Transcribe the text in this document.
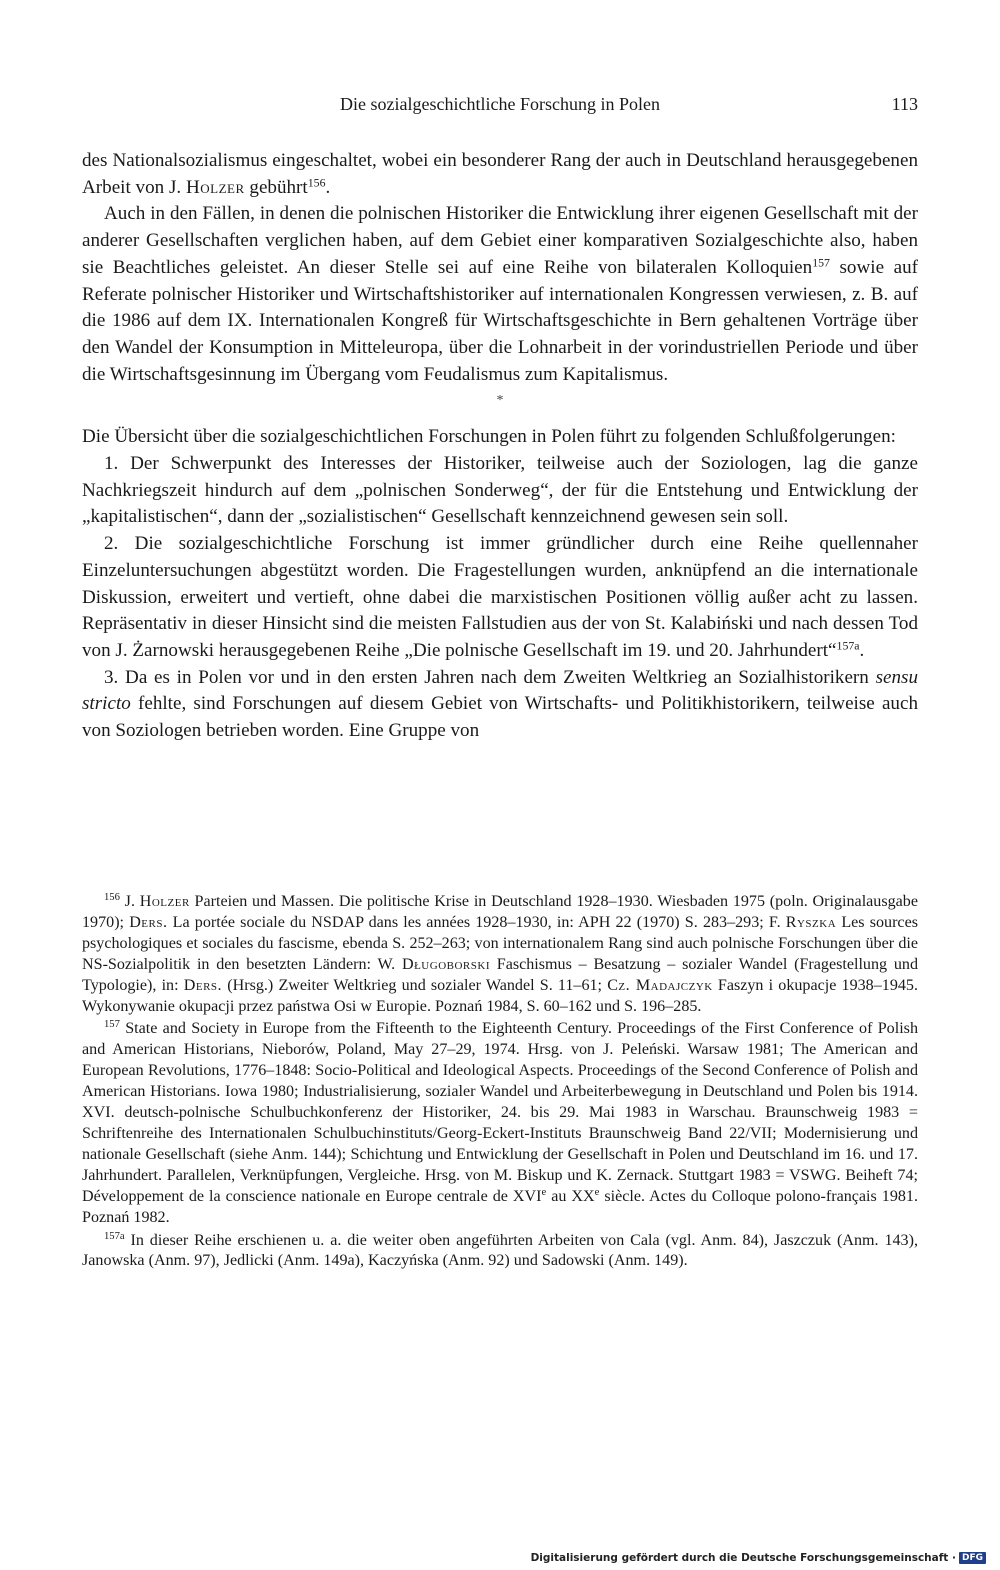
Die sozialgeschichtliche Forschung in Polen	113

des Nationalsozialismus eingeschaltet, wobei ein besonderer Rang der auch in Deutschland herausgegebenen Arbeit von J. Holzer gebührt$^{156}$.

Auch in den Fällen, in denen die polnischen Historiker die Entwicklung ihrer eigenen Gesellschaft mit der anderer Gesellschaften verglichen haben, auf dem Gebiet einer komparativen Sozialgeschichte also, haben sie Beachtliches geleistet. An dieser Stelle sei auf eine Reihe von bilateralen Kolloquien$^{157}$ sowie auf Referate polnischer Historiker und Wirtschaftshistoriker auf internationalen Kongressen verwiesen, z. B. auf die 1986 auf dem IX. Internationalen Kongreß für Wirtschaftsgeschichte in Bern gehaltenen Vorträge über den Wandel der Konsumption in Mitteleuropa, über die Lohnarbeit in der vorindustriellen Periode und über die Wirtschaftsgesinnung im Übergang vom Feudalismus zum Kapitalismus.

*

Die Übersicht über die sozialgeschichtlichen Forschungen in Polen führt zu folgenden Schlußfolgerungen:

1. Der Schwerpunkt des Interesses der Historiker, teilweise auch der Soziologen, lag die ganze Nachkriegszeit hindurch auf dem „polnischen Sonderweg“, der für die Entstehung und Entwicklung der „kapitalistischen“, dann der „sozialistischen“ Gesellschaft kennzeichnend gewesen sein soll.

2. Die sozialgeschichtliche Forschung ist immer gründlicher durch eine Reihe quellennaher Einzeluntersuchungen abgestützt worden. Die Fragestellungen wurden, anknüpfend an die internationale Diskussion, erweitert und vertieft, ohne dabei die marxistischen Positionen völlig außer acht zu lassen. Repräsentativ in dieser Hinsicht sind die meisten Fallstudien aus der von St. Kalabiński und nach dessen Tod von J. Żarnowski herausgegebenen Reihe „Die polnische Gesellschaft im 19. und 20. Jahrhundert“$^{157a}$.

3. Da es in Polen vor und in den ersten Jahren nach dem Zweiten Weltkrieg an Sozialhistorikern sensu stricto fehlte, sind Forschungen auf diesem Gebiet von Wirtschafts- und Politikhistorikern, teilweise auch von Soziologen betrieben worden. Eine Gruppe von

$^{156}$ J. Holzer Parteien und Massen. Die politische Krise in Deutschland 1928–1930. Wiesbaden 1975 (poln. Originalausgabe 1970); Ders. La portée sociale du NSDAP dans les années 1928–1930, in: APH 22 (1970) S. 283–293; F. Ryszka Les sources psychologiques et sociales du fascisme, ebenda S. 252–263; von internationalem Rang sind auch polnische Forschungen über die NS-Sozialpolitik in den besetzten Ländern: W. Długoborski Faschismus – Besatzung – sozialer Wandel (Fragestellung und Typologie), in: Ders. (Hrsg.) Zweiter Weltkrieg und sozialer Wandel S. 11–61; Cz. Madajczyk Faszyn i okupacje 1938–1945. Wykonywanie okupacji przez państwa Osi w Europie. Poznań 1984, S. 60–162 und S. 196–285.

$^{157}$ State and Society in Europe from the Fifteenth to the Eighteenth Century. Proceedings of the First Conference of Polish and American Historians, Nieborów, Poland, May 27–29, 1974. Hrsg. von J. Peleński. Warsaw 1981; The American and European Revolutions, 1776–1848: Socio-Political and Ideological Aspects. Proceedings of the Second Conference of Polish and American Historians. Iowa 1980; Industrialisierung, sozialer Wandel und Arbeiterbewegung in Deutschland und Polen bis 1914. XVI. deutsch-polnische Schulbuchkonferenz der Historiker, 24. bis 29. Mai 1983 in Warschau. Braunschweig 1983 = Schriftenreihe des Internationalen Schulbuchinstituts/Georg-Eckert-Instituts Braunschweig Band 22/VII; Modernisierung und nationale Gesellschaft (siehe Anm. 144); Schichtung und Entwicklung der Gesellschaft in Polen und Deutschland im 16. und 17. Jahrhundert. Parallelen, Verknüpfungen, Vergleiche. Hrsg. von M. Biskup und K. Zernack. Stuttgart 1983 = VSWG. Beiheft 74; Développement de la conscience nationale en Europe centrale de XVIe au XXe siècle. Actes du Colloque polono-français 1981. Poznań 1982.

$^{157a}$ In dieser Reihe erschienen u. a. die weiter oben angeführten Arbeiten von Cala (vgl. Anm. 84), Jaszczuk (Anm. 143), Janowska (Anm. 97), Jedlicki (Anm. 149a), Kaczyńska (Anm. 92) und Sadowski (Anm. 149).

Digitalisierung gefördert durch die Deutsche Forschungsgemeinschaft · DFG
